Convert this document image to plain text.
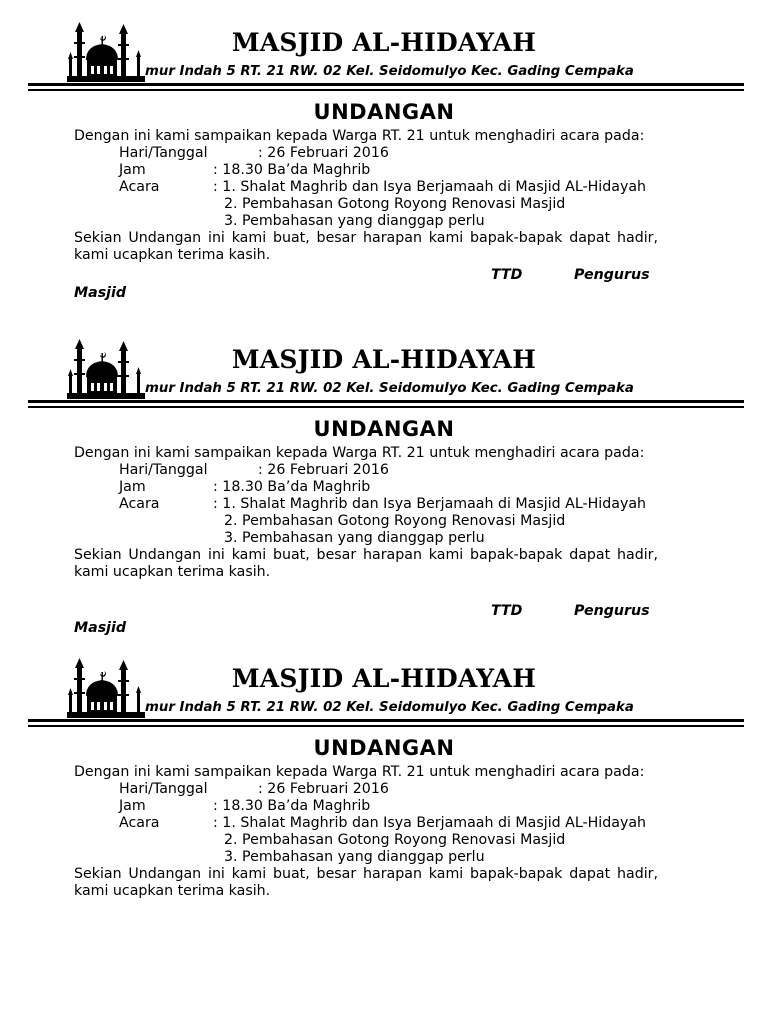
MASJID AL-HIDAYAH
mur Indah 5 RT. 21 RW. 02 Kel. Seidomulyo Kec. Gading Cempaka
UNDANGAN
Dengan ini kami sampaikan kepada Warga RT. 21 untuk menghadiri acara pada:
Hari/Tanggal	: 26 Februari 2016
Jam	: 18.30 Ba’da Maghrib
Acara	: 1. Shalat Maghrib dan Isya Berjamaah di Masjid AL-Hidayah
2. Pembahasan Gotong Royong Renovasi Masjid
3. Pembahasan yang dianggap perlu
Sekian Undangan ini kami buat, besar harapan kami bapak-bapak dapat hadir, kami ucapkan terima kasih.
TTD	Pengurus
Masjid
MASJID AL-HIDAYAH
mur Indah 5 RT. 21 RW. 02 Kel. Seidomulyo Kec. Gading Cempaka
UNDANGAN
Dengan ini kami sampaikan kepada Warga RT. 21 untuk menghadiri acara pada:
Hari/Tanggal	: 26 Februari 2016
Jam	: 18.30 Ba’da Maghrib
Acara	: 1. Shalat Maghrib dan Isya Berjamaah di Masjid AL-Hidayah
2. Pembahasan Gotong Royong Renovasi Masjid
3. Pembahasan yang dianggap perlu
Sekian Undangan ini kami buat, besar harapan kami bapak-bapak dapat hadir, kami ucapkan terima kasih.
TTD	Pengurus
Masjid
MASJID AL-HIDAYAH
mur Indah 5 RT. 21 RW. 02 Kel. Seidomulyo Kec. Gading Cempaka
UNDANGAN
Dengan ini kami sampaikan kepada Warga RT. 21 untuk menghadiri acara pada:
Hari/Tanggal	: 26 Februari 2016
Jam	: 18.30 Ba’da Maghrib
Acara	: 1. Shalat Maghrib dan Isya Berjamaah di Masjid AL-Hidayah
2. Pembahasan Gotong Royong Renovasi Masjid
3. Pembahasan yang dianggap perlu
Sekian Undangan ini kami buat, besar harapan kami bapak-bapak dapat hadir, kami ucapkan terima kasih.
